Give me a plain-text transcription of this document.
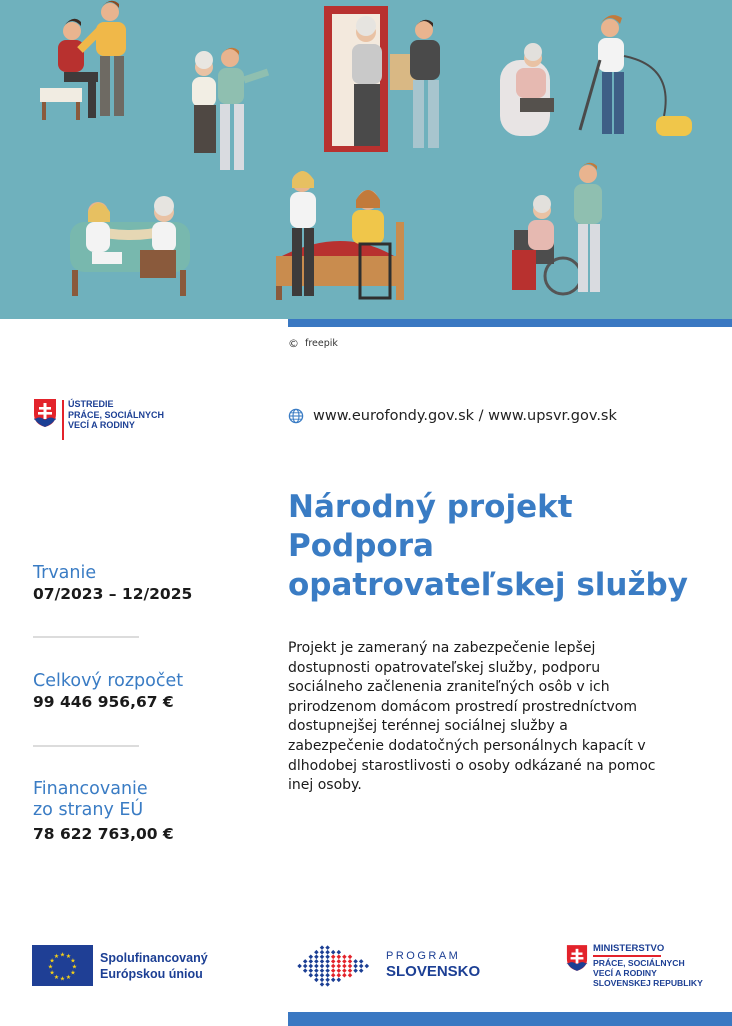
© freepik
ÚSTREDIE
PRÁCE, SOCIÁLNYCH
VECÍ A RODINY
www.eurofondy.gov.sk / www.upsvr.gov.sk
Národný projekt
Podpora
opatrovateľskej služby
Projekt je zameraný na zabezpečenie lepšej dostupnosti opatrovateľskej služby, podporu sociálneho začlenenia zraniteľných osôb v ich prirodzenom domácom prostredí prostredníctvom dostupnejšej terénnej sociálnej služby a zabezpečenie dodatočných personálnych kapacít v dlhodobej starostlivosti o osoby odkázané na pomoc inej osoby.
Trvanie
07/2023 – 12/2025
Celkový rozpočet
99 446 956,67 €
Financovanie
zo strany EÚ
78 622 763,00 €
★
★
★
★
★
★
★
★
★ ★ ★
★ Spolufinancovaný
Európskou úniou
PROGRAM
SLOVENSKO
MINISTERSTVO
PRÁCE, SOCIÁLNYCH
VECÍ A RODINY
SLOVENSKEJ REPUBLIKY
